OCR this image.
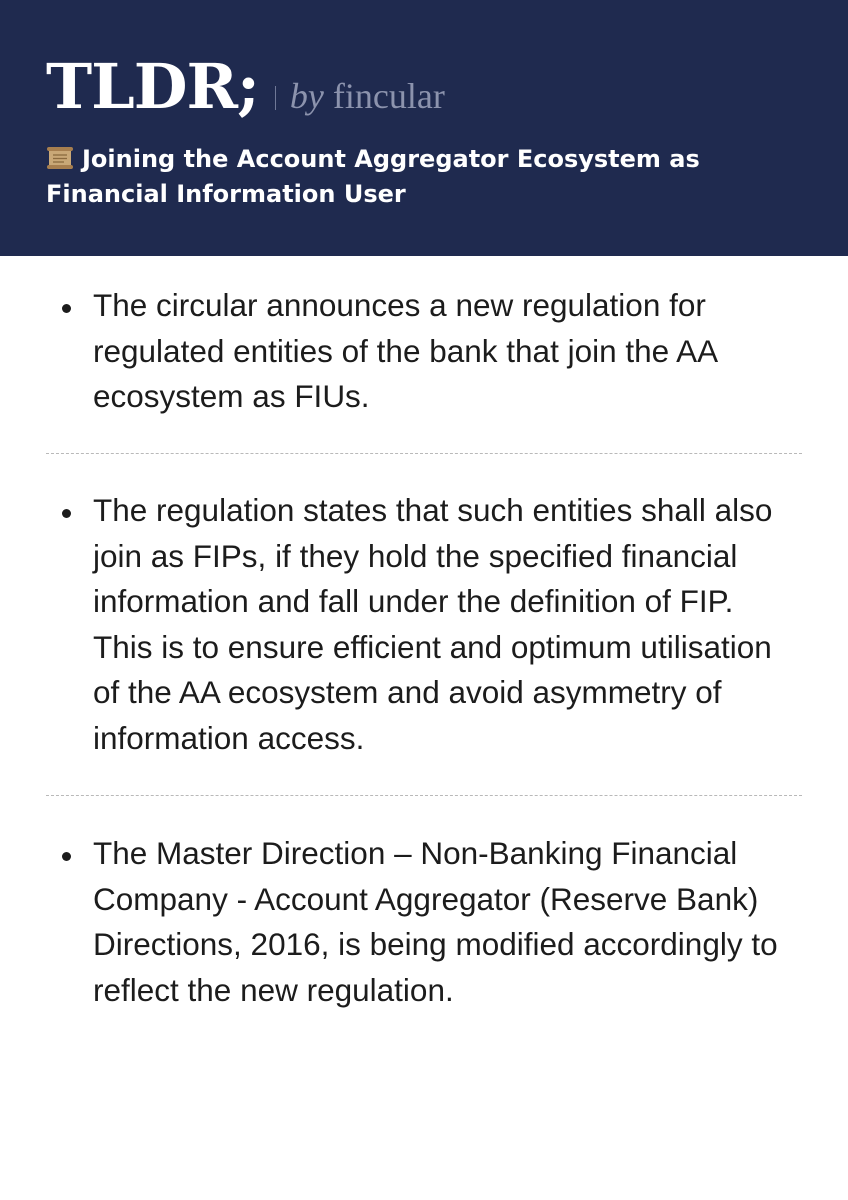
TLDR; by fincular
Joining the Account Aggregator Ecosystem as Financial Information User
The circular announces a new regulation for regulated entities of the bank that join the AA ecosystem as FIUs.
The regulation states that such entities shall also join as FIPs, if they hold the specified financial information and fall under the definition of FIP. This is to ensure efficient and optimum utilisation of the AA ecosystem and avoid asymmetry of information access.
The Master Direction – Non-Banking Financial Company - Account Aggregator (Reserve Bank) Directions, 2016, is being modified accordingly to reflect the new regulation.
